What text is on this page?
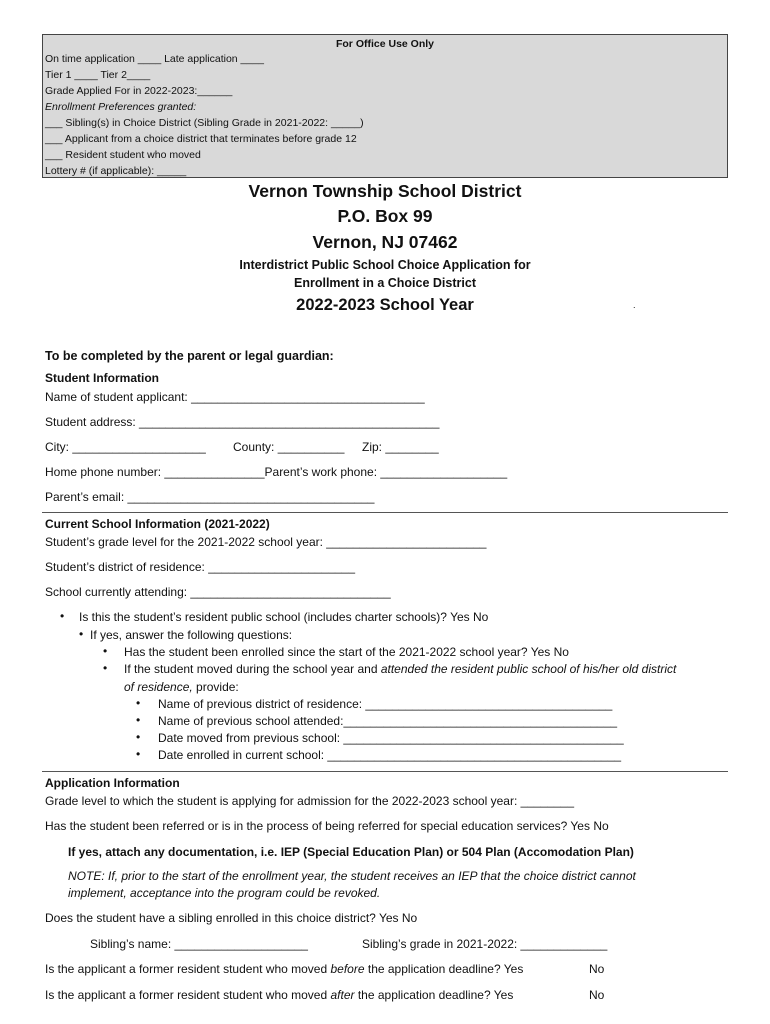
For Office Use Only
On time application ____ Late application ____
Tier 1 ____ Tier 2____
Grade Applied For in 2022-2023:______
Enrollment Preferences granted:
___ Sibling(s) in Choice District (Sibling Grade in 2021-2022: _____)
___ Applicant from a choice district that terminates before grade 12
___ Resident student who moved
Lottery # (if applicable): _____
Vernon Township School District
P.O. Box 99
Vernon, NJ 07462
Interdistrict Public School Choice Application for
Enrollment in a Choice District
2022-2023 School Year	.
To be completed by the parent or legal guardian:
Student Information
Name of student applicant: ___________________________________
Student address: _____________________________________________
City: ____________________ County: __________ Zip: ________
Home phone number: _______________Parent’s work phone: ___________________
Parent’s email: _____________________________________
Current School Information (2021-2022)
Student’s grade level for the 2021-2022 school year: ________________________
Student’s district of residence: ______________________
School currently attending: ______________________________
• Is this the student’s resident public school (includes charter schools)? Yes No
• If yes, answer the following questions:
• Has the student been enrolled since the start of the 2021-2022 school year? Yes No
• If the student moved during the school year and attended the resident public school of his/her old district
of residence, provide:
• Name of previous district of residence: _____________________________________
• Name of previous school attended:_________________________________________
• Date moved from previous school: __________________________________________
• Date enrolled in current school: ____________________________________________
Application Information
Grade level to which the student is applying for admission for the 2022-2023 school year: ________
Has the student been referred or is in the process of being referred for special education services? Yes No
If yes, attach any documentation, i.e. IEP (Special Education Plan) or 504 Plan (Accomodation Plan)
NOTE: If, prior to the start of the enrollment year, the student receives an IEP that the choice district cannot
implement, acceptance into the program could be revoked.
Does the student have a sibling enrolled in this choice district? Yes No
Sibling’s name: ____________________	Sibling’s grade in 2021-2022: _____________
Is the applicant a former resident student who moved before the application deadline? Yes	No
Is the applicant a former resident student who moved after the application deadline? Yes	No
